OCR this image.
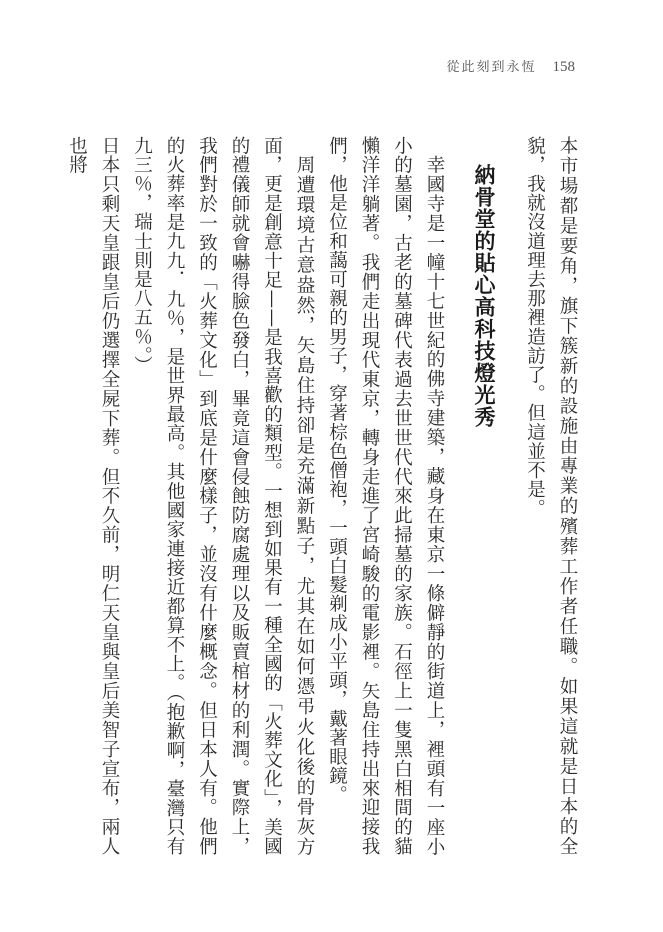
從此刻到永恆 158

本市場都是要角，旗下簇新的設施由專業的殯葬工作者任職。如果這就是日本的全貌，我就沒道理去那裡造訪了。但這並不是。

納骨堂的貼心高科技燈光秀

幸國寺是一幢十七世紀的佛寺建築，藏身在東京一條僻靜的街道上，裡頭有一座小小的墓園，古老的墓碑代表過去世世代代來此掃墓的家族。石徑上一隻黑白相間的貓懶洋洋躺著。我們走出現代東京，轉身走進了宮崎駿的電影裡。矢島住持出來迎接我們，他是位和藹可親的男子，穿著棕色僧袍，一頭白髮剃成小平頭，戴著眼鏡。

周遭環境古意盎然，矢島住持卻是充滿新點子，尤其在如何憑弔火化後的骨灰方面，更是創意十足——是我喜歡的類型。一想到如果有一種全國的「火葬文化」，美國的禮儀師就會嚇得臉色發白，畢竟這會侵蝕防腐處理以及販賣棺材的利潤。實際上，我們對於一致的「火葬文化」到底是什麼樣子，並沒有什麼概念。但日本人有。他們的火葬率是九九．九％，是世界最高。其他國家連接近都算不上。（抱歉啊，臺灣只有九三％，瑞士則是八五％。）

日本只剩天皇跟皇后仍選擇全屍下葬。但不久前，明仁天皇與皇后美智子宣布，兩人也將
